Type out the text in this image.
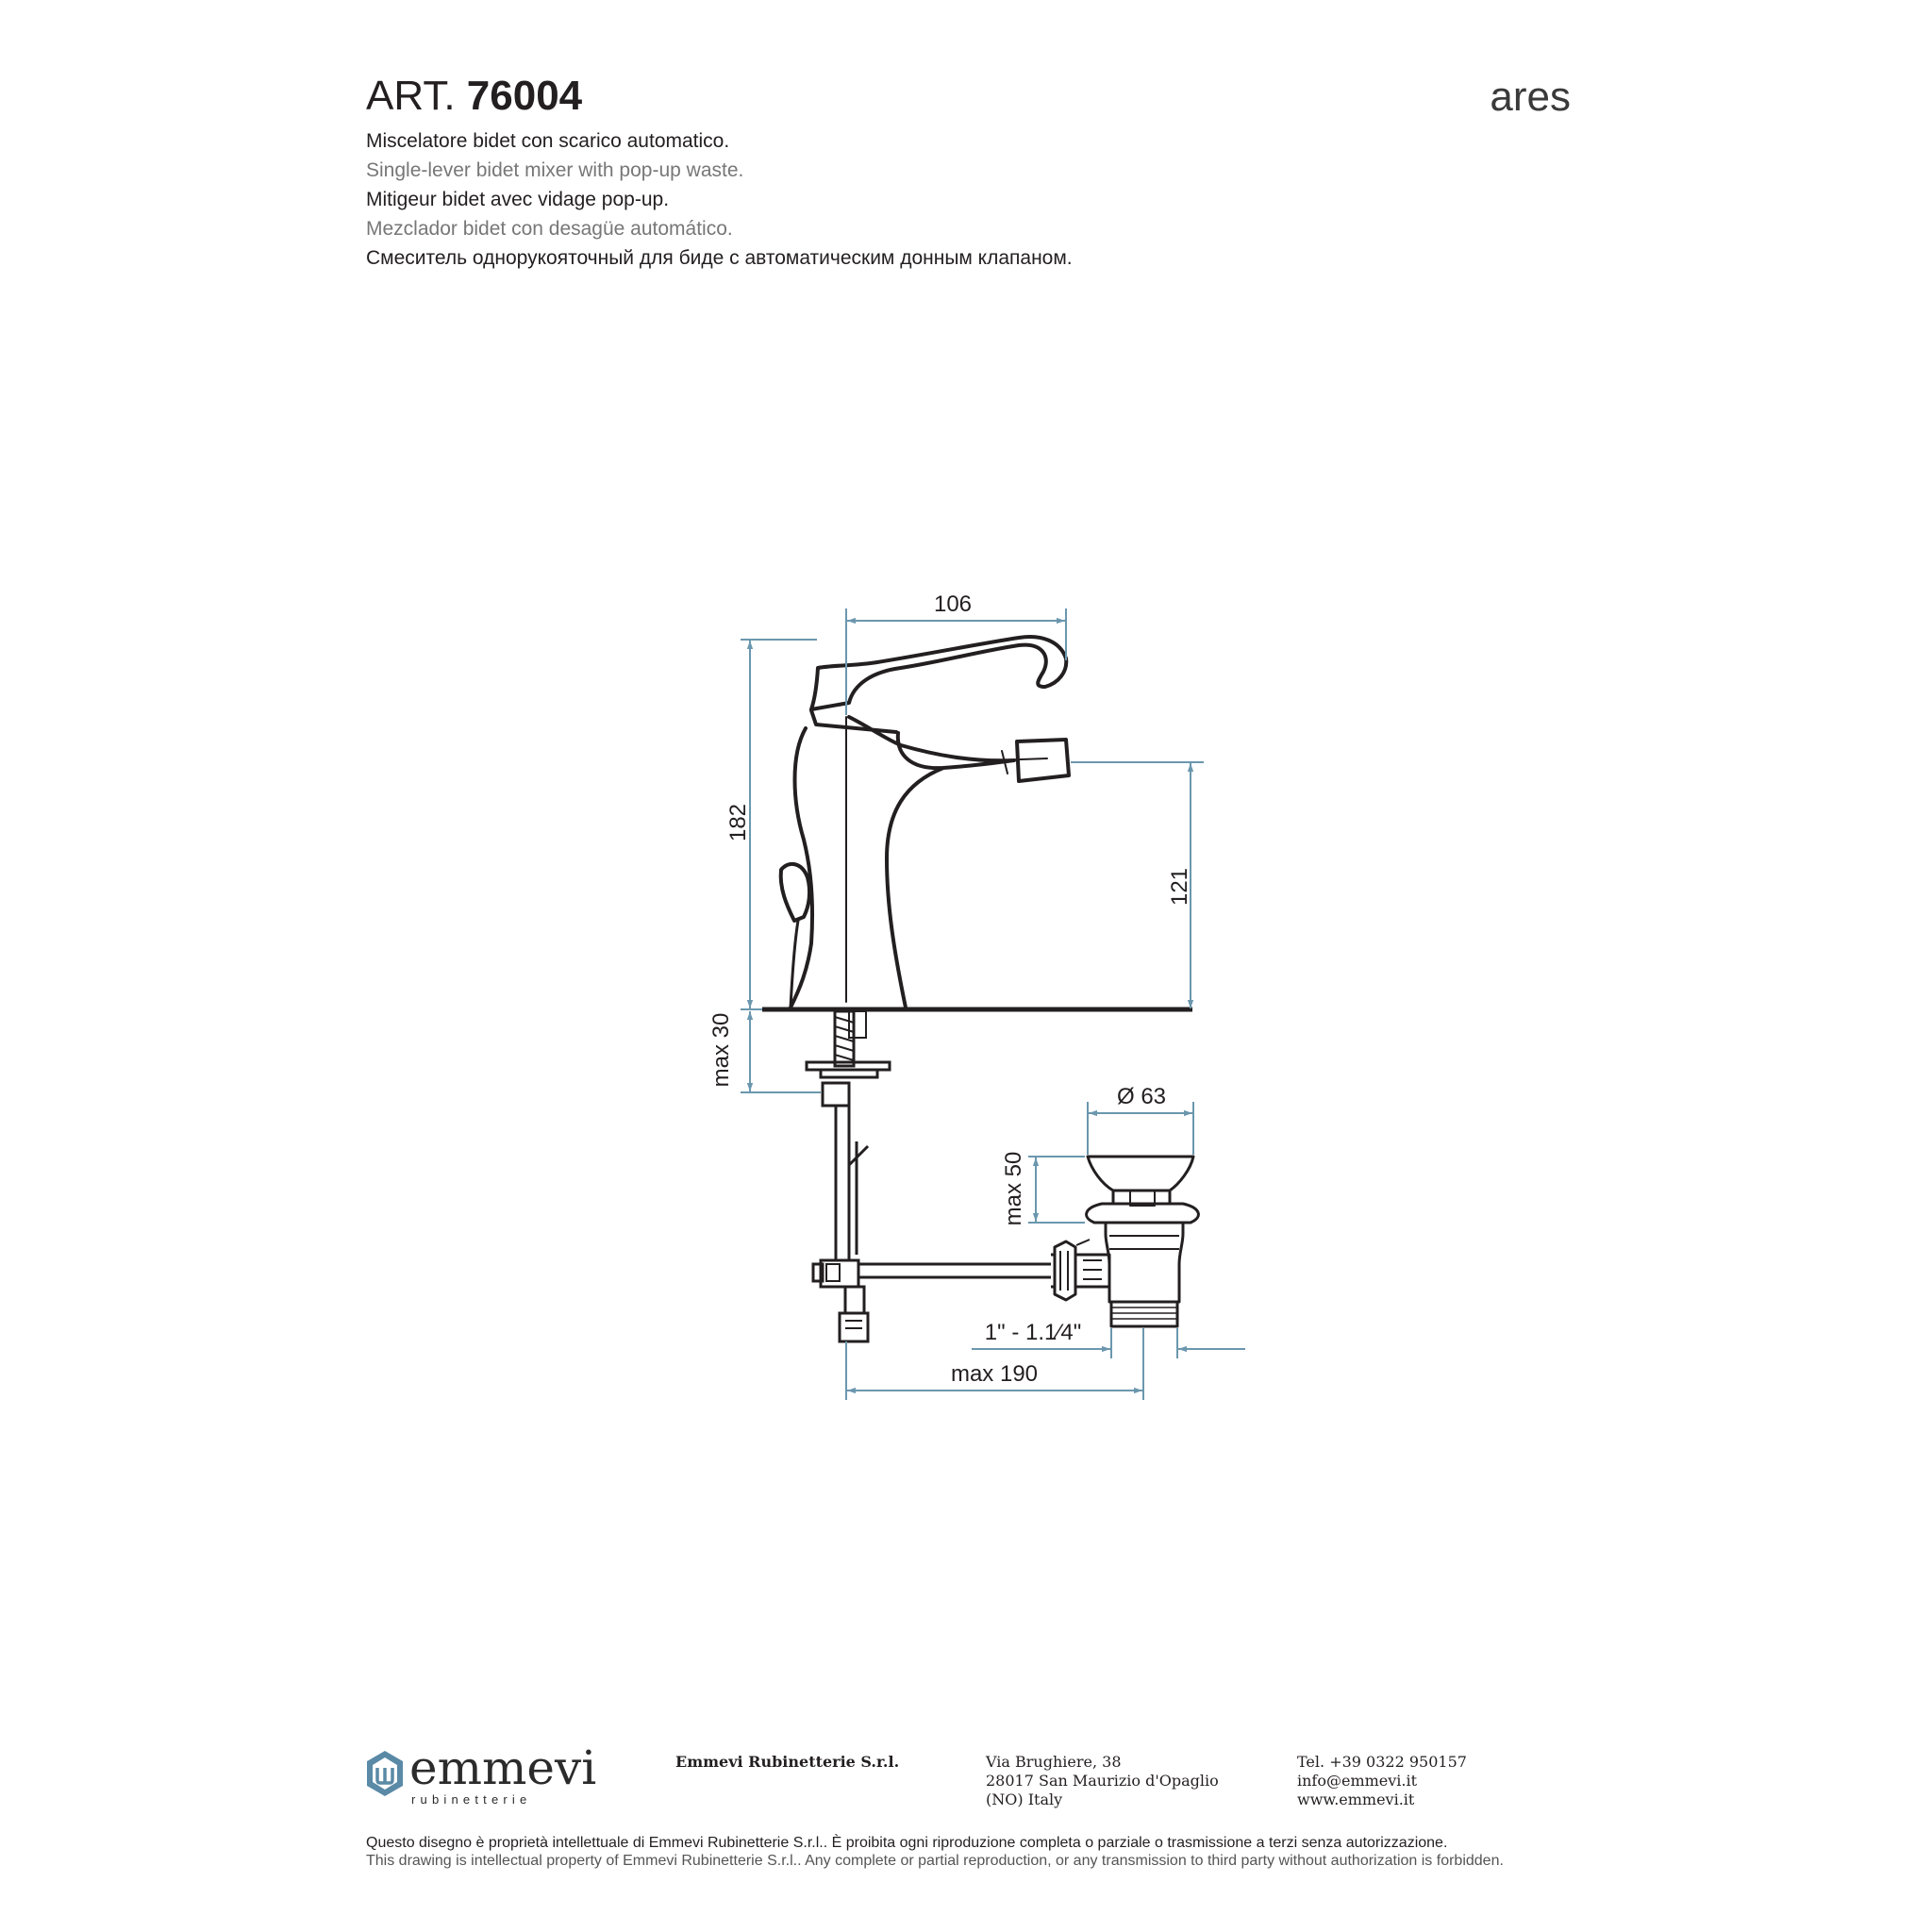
ART. 76004	ares
Miscelatore bidet con scarico automatico.
Single-lever bidet mixer with pop-up waste.
Mitigeur bidet avec vidage pop-up.
Mezclador bidet con desagüe automático.
Смеситель однорукояточный для биде с автоматическим донным клапаном.
106
182
121
max 30
Ø 63
max 50
1" - 1.1⁄4"
max 190
emmevi
rubinetterie
Emmevi Rubinetterie S.r.l.	Via Brughiere, 38
28017 San Maurizio d'Opaglio
(NO) Italy
Tel. +39 0322 950157
info@emmevi.it
www.emmevi.it
Questo disegno è proprietà intellettuale di Emmevi Rubinetterie S.r.l.. È proibita ogni riproduzione completa o parziale o trasmissione a terzi senza autorizzazione.
This drawing is intellectual property of Emmevi Rubinetterie S.r.l.. Any complete or partial reproduction, or any transmission to third party without authorization is forbidden.
